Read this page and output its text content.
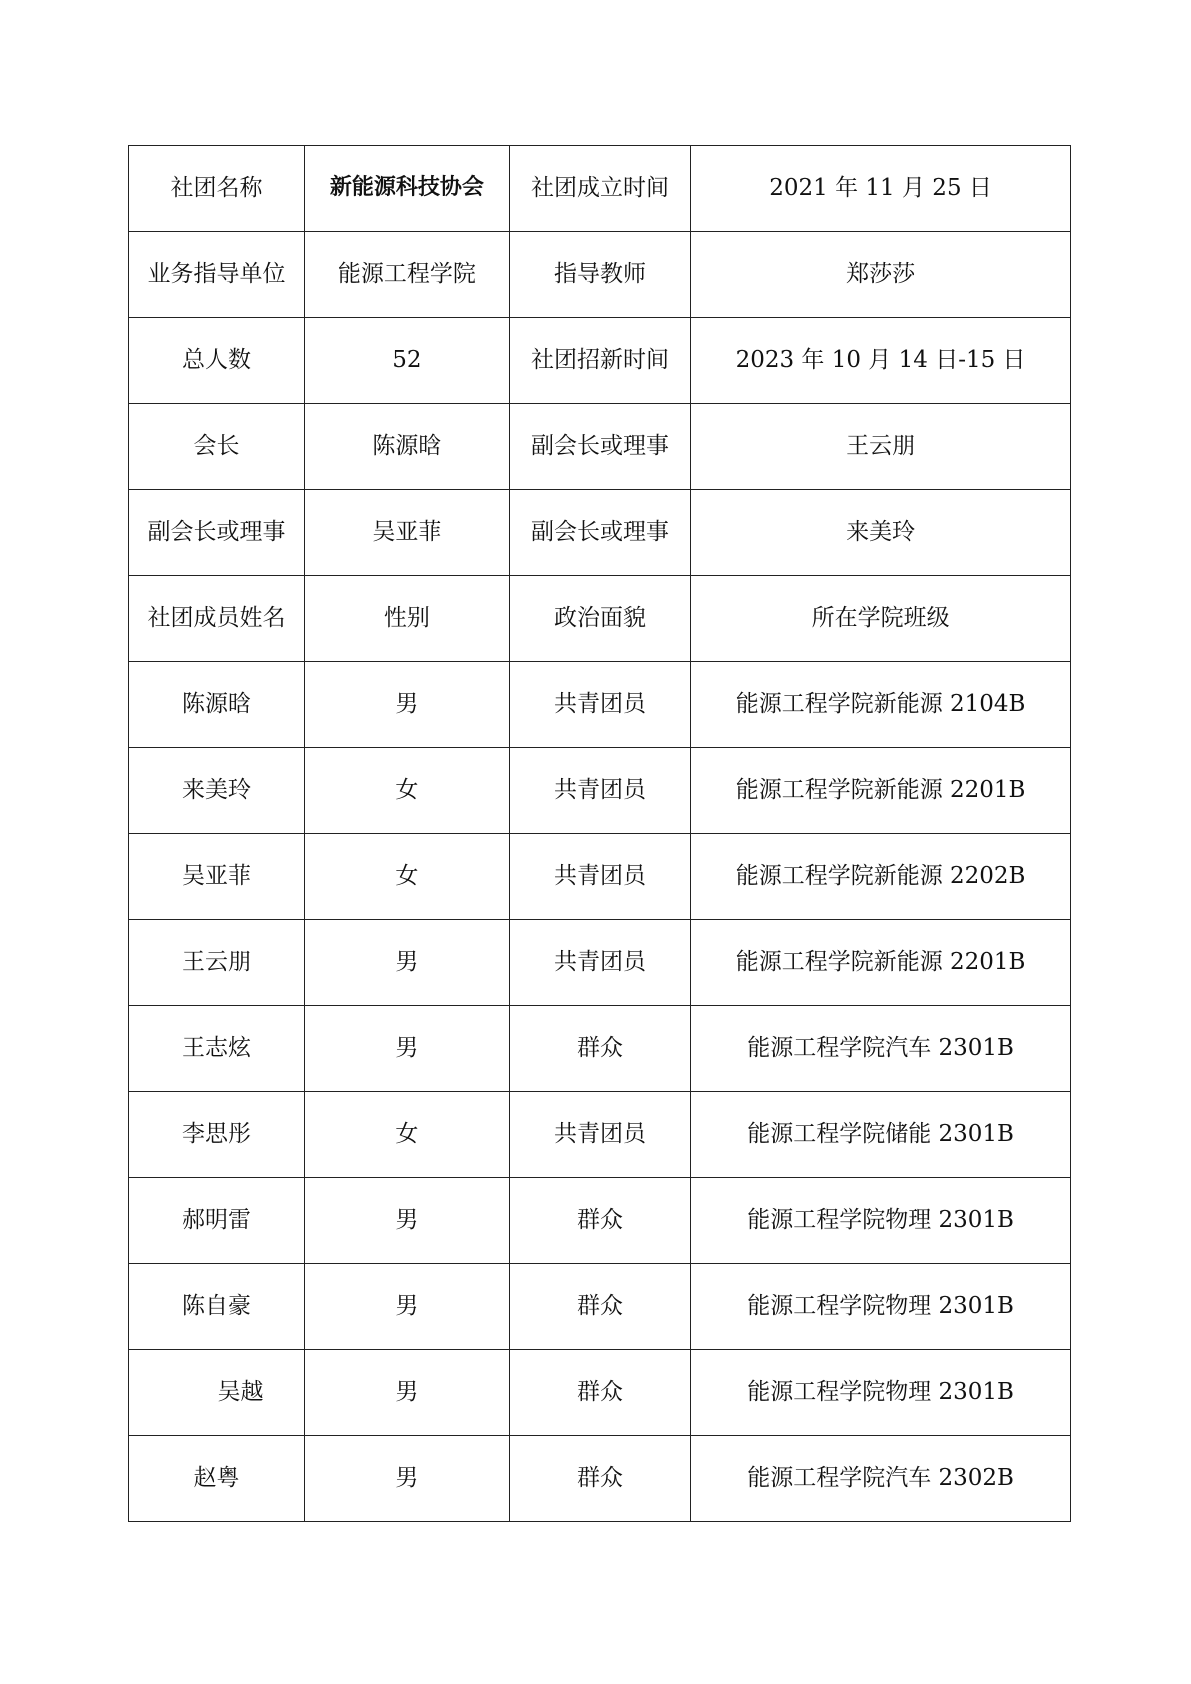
社团名称	新能源科技协会	社团成立时间	2021 年 11 月 25 日
业务指导单位	能源工程学院	指导教师	郑莎莎
总人数	52	社团招新时间	2023 年 10 月 14 日-15 日
会长	陈源晗	副会长或理事	王云朋
副会长或理事	吴亚菲	副会长或理事	来美玲
社团成员姓名	性别	政治面貌	所在学院班级
陈源晗	男	共青团员	能源工程学院新能源 2104B
来美玲	女	共青团员	能源工程学院新能源 2201B
吴亚菲	女	共青团员	能源工程学院新能源 2202B
王云朋	男	共青团员	能源工程学院新能源 2201B
王志炫	男	群众	能源工程学院汽车 2301B
李思彤	女	共青团员	能源工程学院储能 2301B
郝明雷	男	群众	能源工程学院物理 2301B
陈自豪	男	群众	能源工程学院物理 2301B
吴越	男	群众	能源工程学院物理 2301B
赵粤	男	群众	能源工程学院汽车 2302B
